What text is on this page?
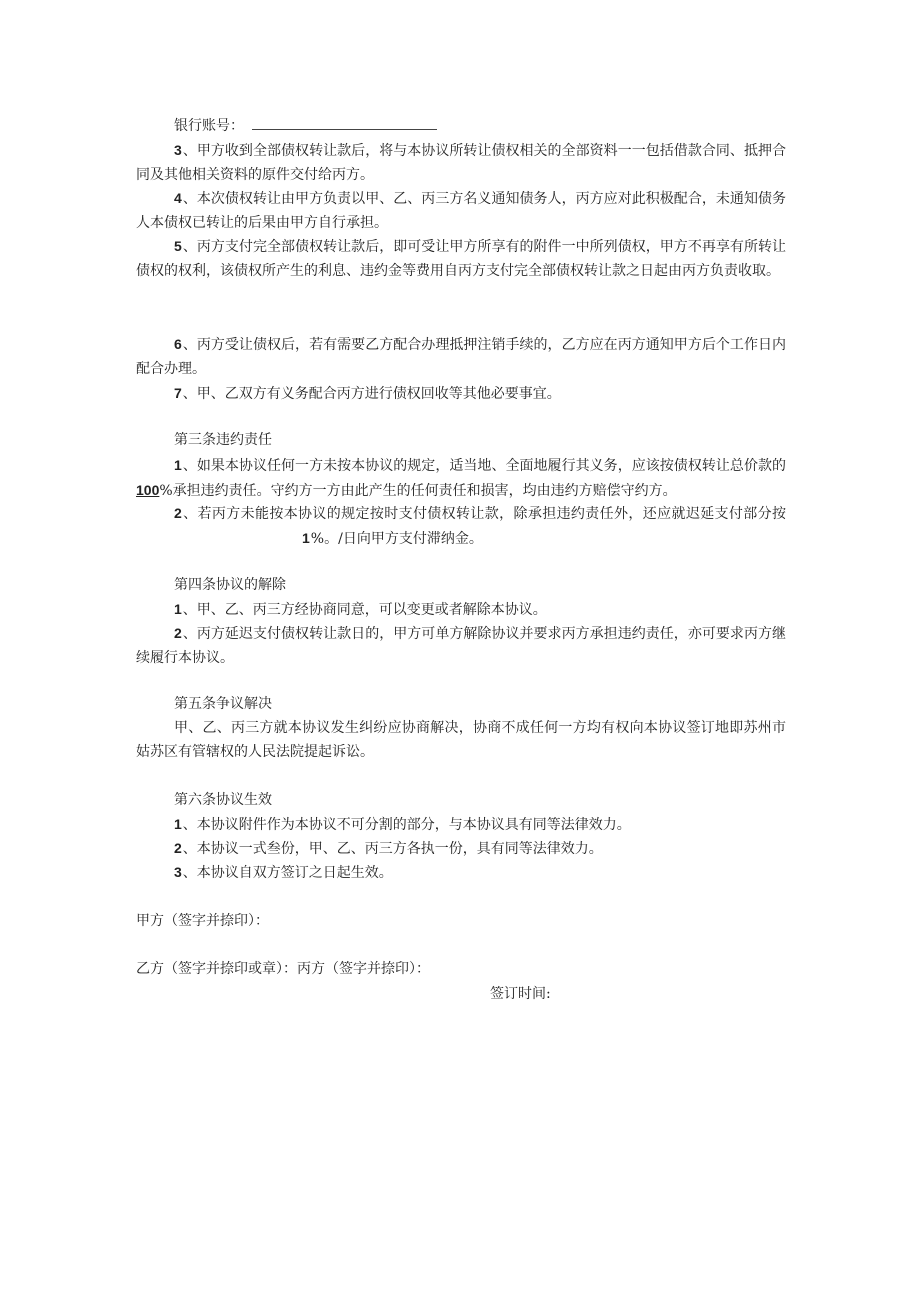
银行账号：

3、甲方收到全部债权转让款后，将与本协议所转让债权相关的全部资料一一包括借款合同、抵押合同及其他相关资料的原件交付给丙方。

4、本次债权转让由甲方负责以甲、乙、丙三方名义通知债务人，丙方应对此积极配合，未通知债务人本债权已转让的后果由甲方自行承担。

5、丙方支付完全部债权转让款后，即可受让甲方所享有的附件一中所列债权，甲方不再享有所转让债权的权利，该债权所产生的利息、违约金等费用自丙方支付完全部债权转让款之日起由丙方负责收取。

6、丙方受让债权后，若有需要乙方配合办理抵押注销手续的，乙方应在丙方通知甲方后个工作日内配合办理。

7、甲、乙双方有义务配合丙方进行债权回收等其他必要事宜。

第三条违约责任

1、如果本协议任何一方未按本协议的规定，适当地、全面地履行其义务，应该按债权转让总价款的100%承担违约责任。守约方一方由此产生的任何责任和损害，均由违约方赔偿守约方。

2、若丙方未能按本协议的规定按时支付债权转让款，除承担违约责任外，还应就迟延支付部分按1%。/日向甲方支付滞纳金。

第四条协议的解除

1、甲、乙、丙三方经协商同意，可以变更或者解除本协议。

2、丙方延迟支付债权转让款日的，甲方可单方解除协议并要求丙方承担违约责任，亦可要求丙方继续履行本协议。

第五条争议解决

甲、乙、丙三方就本协议发生纠纷应协商解决，协商不成任何一方均有权向本协议签订地即苏州市姑苏区有管辖权的人民法院提起诉讼。

第六条协议生效

1、本协议附件作为本协议不可分割的部分，与本协议具有同等法律效力。

2、本协议一式叁份，甲、乙、丙三方各执一份，具有同等法律效力。

3、本协议自双方签订之日起生效。

甲方（签字并捺印）：

乙方（签字并捺印或章）：丙方（签字并捺印）：

签订时间:
